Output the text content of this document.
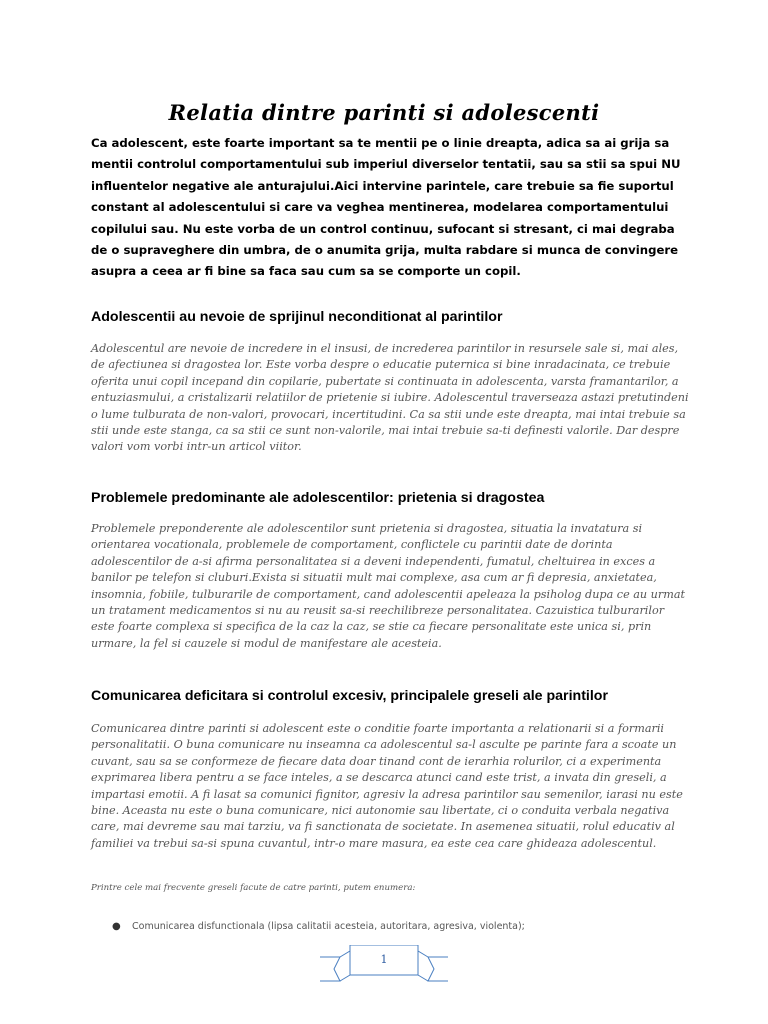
Relatia dintre parinti si adolescenti

Ca adolescent, este foarte important sa te mentii pe o linie dreapta, adica sa ai grija sa mentii controlul comportamentului sub imperiul diverselor tentatii, sau sa stii sa spui NU influentelor negative ale anturajului.Aici intervine parintele, care trebuie sa fie suportul constant al adolescentului si care va veghea mentinerea, modelarea comportamentului copilului sau. Nu este vorba de un control continuu, sufocant si stresant, ci mai degraba de o supraveghere din umbra, de o anumita grija, multa rabdare si munca de convingere asupra a ceea ar fi bine sa faca sau cum sa se comporte un copil.

Adolescentii au nevoie de sprijinul neconditionat al parintilor

Adolescentul are nevoie de incredere in el insusi, de increderea parintilor in resursele sale si, mai ales, de afectiunea si dragostea lor. Este vorba despre o educatie puternica si bine inradacinata, ce trebuie oferita unui copil incepand din copilarie, pubertate si continuata in adolescenta, varsta framantarilor, a entuziasmului, a cristalizarii relatiilor de prietenie si iubire. Adolescentul traverseaza astazi pretutindeni o lume tulburata de non-valori, provocari, incertitudini. Ca sa stii unde este dreapta, mai intai trebuie sa stii unde este stanga, ca sa stii ce sunt non-valorile, mai intai trebuie sa-ti definesti valorile. Dar despre valori vom vorbi intr-un articol viitor.

Problemele predominante ale adolescentilor: prietenia si dragostea

Problemele preponderente ale adolescentilor sunt prietenia si dragostea, situatia la invatatura si orientarea vocationala, problemele de comportament, conflictele cu parintii date de dorinta adolescentilor de a-si afirma personalitatea si a deveni independenti, fumatul, cheltuirea in exces a banilor pe telefon si cluburi.Exista si situatii mult mai complexe, asa cum ar fi depresia, anxietatea, insomnia, fobiile, tulburarile de comportament, cand adolescentii apeleaza la psiholog dupa ce au urmat un tratament medicamentos si nu au reusit sa-si reechilibreze personalitatea. Cazuistica tulburarilor este foarte complexa si specifica de la caz la caz, se stie ca fiecare personalitate este unica si, prin urmare, la fel si cauzele si modul de manifestare ale acesteia.

Comunicarea deficitara si controlul excesiv, principalele greseli ale parintilor

Comunicarea dintre parinti si adolescent este o conditie foarte importanta a relationarii si a formarii personalitatii. O buna comunicare nu inseamna ca adolescentul sa-l asculte pe parinte fara a scoate un cuvant, sau sa se conformeze de fiecare data doar tinand cont de ierarhia rolurilor, ci a experimenta exprimarea libera pentru a se face inteles, a se descarca atunci cand este trist, a invata din greseli, a impartasi emotii. A fi lasat sa comunici fignitor, agresiv la adresa parintilor sau semenilor, iarasi nu este bine. Aceasta nu este o buna comunicare, nici autonomie sau libertate, ci o conduita verbala negativa care, mai devreme sau mai tarziu, va fi sanctionata de societate. In asemenea situatii, rolul educativ al familiei va trebui sa-si spuna cuvantul, intr-o mare masura, ea este cea care ghideaza adolescentul.

Printre cele mai frecvente greseli facute de catre parinti, putem enumera:

●	Comunicarea disfunctionala (lipsa calitatii acesteia, autoritara, agresiva, violenta);
1
